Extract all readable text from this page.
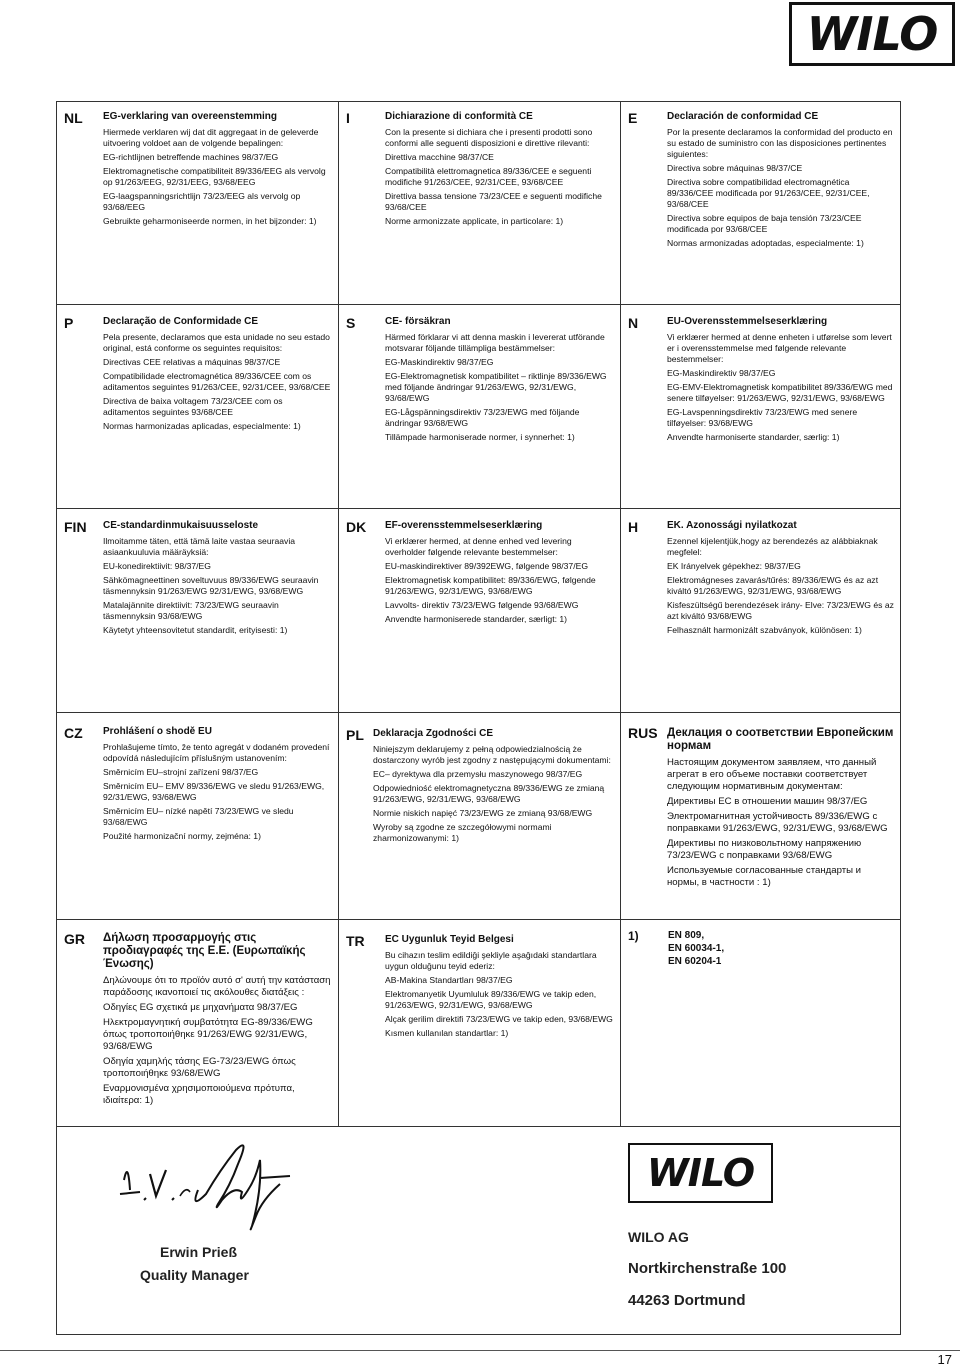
WILO
NL EG-verklaring van overeenstemming
Hiermede verklaren wij dat dit aggregaat in de geleverde uitvoering voldoet aan de volgende bepalingen:
EG-richtlijnen betreffende machines 98/37/EG
Elektromagnetische compatibiliteit 89/336/EEG als vervolg op 91/263/EEG, 92/31/EEG, 93/68/EEG
EG-laagspanningsrichtlijn 73/23/EEG als vervolg op 93/68/EEG
Gebruikte geharmoniseerde normen, in het bijzonder: 1)
I	Dichiarazione di conformità CE
Con la presente si dichiara che i presenti prodotti sono conformi alle seguenti disposizioni e direttive rilevanti:
Direttiva macchine 98/37/CE
Compatibilità elettromagnetica 89/336/CEE e seguenti modifiche 91/263/CEE, 92/31/CEE, 93/68/CEE
Direttiva bassa tensione 73/23/CEE e seguenti modifiche 93/68/CEE
Norme armonizzate applicate, in particolare: 1)
E	Declaración de conformidad CE
Por la presente declaramos la conformidad del producto en su estado de suministro con las disposiciones pertinentes siguientes:
Directiva sobre máquinas 98/37/CE
Directiva sobre compatibilidad electromagnética 89/336/CEE modificada por 91/263/CEE, 92/31/CEE, 93/68/CEE
Directiva sobre equipos de baja tensión 73/23/CEE modificada por 93/68/CEE
Normas armonizadas adoptadas, especialmente: 1)
P	Declaração de Conformidade CE
Pela presente, declaramos que esta unidade no seu estado original, está conforme os seguintes requisitos:
Directivas CEE relativas a máquinas 98/37/CE
Compatibilidade electromagnética 89/336/CEE com os aditamentos seguintes 91/263/CEE, 92/31/CEE, 93/68/CEE
Directiva de baixa voltagem 73/23/CEE com os aditamentos seguintes 93/68/CEE
Normas harmonizadas aplicadas, especialmente: 1)
S	CE- försäkran
Härmed förklarar vi att denna maskin i levererat utförande motsvarar följande tillämpliga bestämmelser:
EG-Maskindirektiv 98/37/EG
EG-Elektromagnetisk kompatibilitet – riktlinje 89/336/EWG med följande ändringar 91/263/EWG, 92/31/EWG, 93/68/EWG
EG-Lågspänningsdirektiv 73/23/EWG med följande ändringar 93/68/EWG
Tillämpade harmoniserade normer, i synnerhet: 1)
N	EU-Overensstemmelseserklæring
Vi erklærer hermed at denne enheten i utførelse som levert er i overensstemmelse med følgende relevante bestemmelser:
EG-Maskindirektiv 98/37/EG
EG-EMV-Elektromagnetisk kompatibilitet 89/336/EWG med senere tilføyelser: 91/263/EWG, 92/31/EWG, 93/68/EWG
EG-Lavspenningsdirektiv 73/23/EWG med senere tilføyelser: 93/68/EWG
Anvendte harmoniserte standarder, særlig: 1)
FIN CE-standardinmukaisuusseloste
Ilmoitamme täten, että tämä laite vastaa seuraavia asiaankuuluvia määräyksiä:
EU-konedirektiivit: 98/37/EG
Sähkömagneettinen soveltuvuus 89/336/EWG seuraavin täsmennyksin 91/263/EWG 92/31/EWG, 93/68/EWG
Matalajännite direktiivit: 73/23/EWG seuraavin täsmennyksin 93/68/EWG
Käytetyt yhteensovitetut standardit, erityisesti: 1)
DK EF-overensstemmelseserklæring
Vi erklærer hermed, at denne enhed ved levering overholder følgende relevante bestemmelser:
EU-maskindirektiver 89/392EWG, følgende 98/37/EG
Elektromagnetisk kompatibilitet: 89/336/EWG, følgende 91/263/EWG, 92/31/EWG, 93/68/EWG
Lavvolts- direktiv 73/23/EWG følgende 93/68/EWG
Anvendte harmoniserede standarder, særligt: 1)
H	EK. Azonossági nyilatkozat
Ezennel kijelentjük,hogy az berendezés az alábbiaknak megfelel:
EK Irányelvek gépekhez: 98/37/EG
Elektromágneses zavarás/tűrés: 89/336/EWG és az azt kiváltó 91/263/EWG, 92/31/EWG, 93/68/EWG
Kisfeszültségű berendezések irány- Elve: 73/23/EWG és az azt kiváltó 93/68/EWG
Felhasznált harmonizált szabványok, különösen: 1)
CZ Prohlášení o shodě EU
Prohlašujeme tímto, že tento agregát v dodaném provedení odpovídá následujícím příslušným ustanovením:
Směrnicím EU–strojní zařízení 98/37/EG
Směrnicím EU– EMV 89/336/EWG ve sledu 91/263/EWG, 92/31/EWG, 93/68/EWG
Směrnicím EU– nízké napětí 73/23/EWG ve sledu 93/68/EWG
Použité harmonizační normy, zejména: 1)
PL Deklaracja Zgodności CE
Niniejszym deklarujemy z pełną odpowiedzialnością że dostarczony wyrób jest zgodny z następującymi dokumentami:
EC– dyrektywa dla przemysłu maszynowego 98/37/EG
Odpowiedniość elektromagnetyczna 89/336/EWG ze zmianą 91/263/EWG, 92/31/EWG, 93/68/EWG
Normie niskich napięć 73/23/EWG ze zmianą 93/68/EWG
Wyroby są zgodne ze szczegółowymi normami zharmonizowanymi: 1)
RUS Деклация о соответствии Европейским нормам
Настоящим документом заявляем, что данный агрегат в его объеме поставки соответствует следующим нормативным документам:
Директивы ЕС в отношении машин 98/37/EG
Электромагнитная устойчивость 89/336/EWG с поправками 91/263/EWG, 92/31/EWG, 93/68/EWG
Директивы по низковольтному напряжению 73/23/EWG с поправками 93/68/EWG
Используемые согласованные стандарты и нормы, в частности : 1)
GR Δήλωση προσαρμογής στις προδιαγραφές της Ε.Ε. (Ευρωπαϊκής Ένωσης)
Δηλώνουμε ότι το προϊόν αυτό σ' αυτή την κατάσταση παράδοσης ικανοποιεί τις ακόλουθες διατάξεις :
Οδηγίες EG σχετικά με μηχανήματα 98/37/EG
Ηλεκτρομαγνητική συμβατότητα EG-89/336/EWG όπως τροποποιήθηκε 91/263/EWG 92/31/EWG, 93/68/EWG
Οδηγία χαμηλής τάσης EG-73/23/EWG όπως τροποποιήθηκε 93/68/EWG
Εναρμονισμένα χρησιμοποιούμενα πρότυπα, ιδιαίτερα: 1)
TR EC Uygunluk Teyid Belgesi
Bu cihazın teslim edildiği şekliyle aşağıdaki standartlara uygun olduğunu teyid ederiz:
AB-Makina Standartları 98/37/EG
Elektromanyetik Uyumluluk 89/336/EWG ve takip eden, 91/263/EWG, 92/31/EWG, 93/68/EWG
Alçak gerilim direktifi 73/23/EWG ve takip eden, 93/68/EWG
Kısmen kullanılan standartlar: 1)
1)	EN 809,
EN 60034-1,
EN 60204-1
Erwin Prieß
Quality Manager
WILO
WILO AG
Nortkirchenstraße 100
44263 Dortmund
17
